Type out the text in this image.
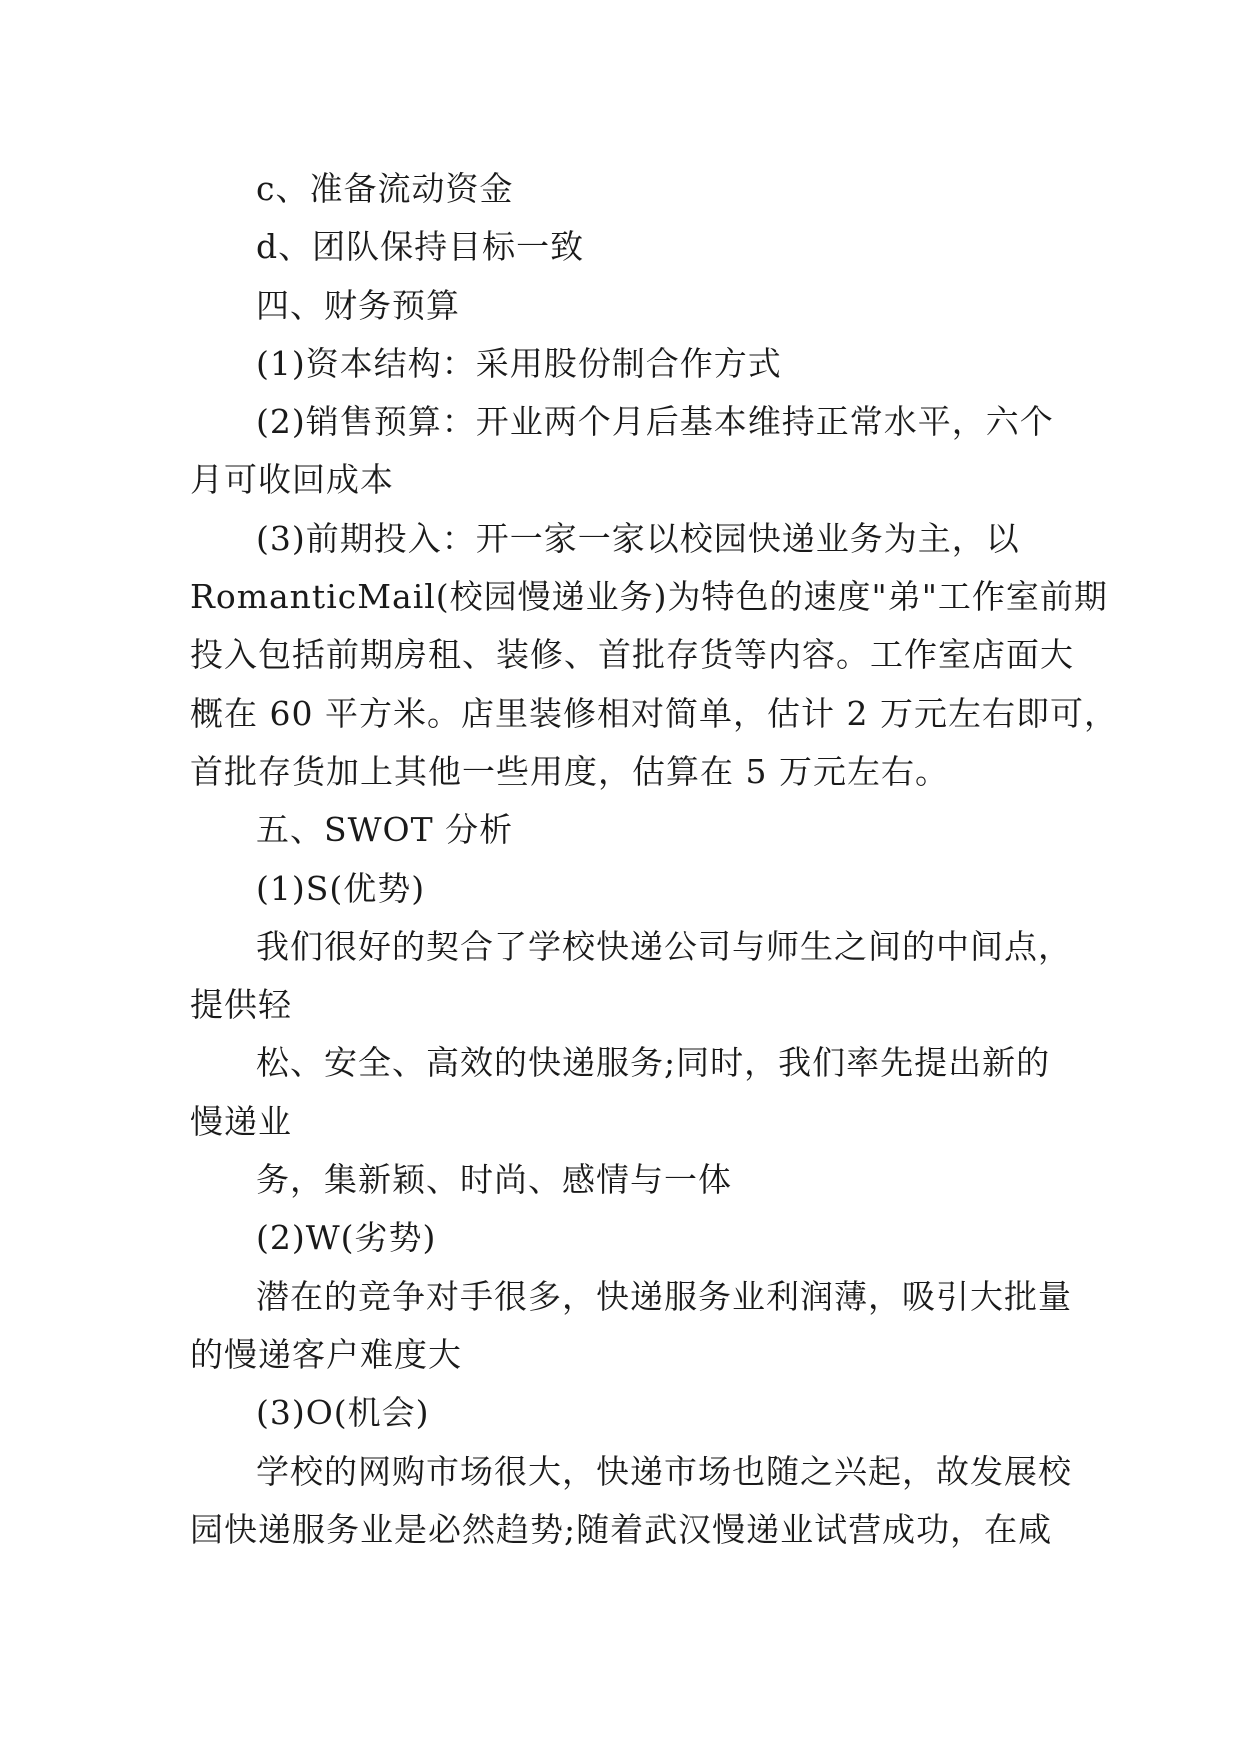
c、准备流动资金
d、团队保持目标一致
四、财务预算
(1)资本结构：采用股份制合作方式
(2)销售预算：开业两个月后基本维持正常水平，六个
月可收回成本
(3)前期投入：开一家一家以校园快递业务为主，以
RomanticMail(校园慢递业务)为特色的速度"弟"工作室前期
投入包括前期房租、装修、首批存货等内容。工作室店面大
概在 60 平方米。店里装修相对简单，估计 2 万元左右即可，
首批存货加上其他一些用度，估算在 5 万元左右。
五、SWOT 分析
(1)S(优势)
我们很好的契合了学校快递公司与师生之间的中间点，
提供轻
松、安全、高效的快递服务;同时，我们率先提出新的
慢递业
务，集新颖、时尚、感情与一体
(2)W(劣势)
潜在的竞争对手很多，快递服务业利润薄，吸引大批量
的慢递客户难度大
(3)O(机会)
学校的网购市场很大，快递市场也随之兴起，故发展校
园快递服务业是必然趋势;随着武汉慢递业试营成功，在咸
